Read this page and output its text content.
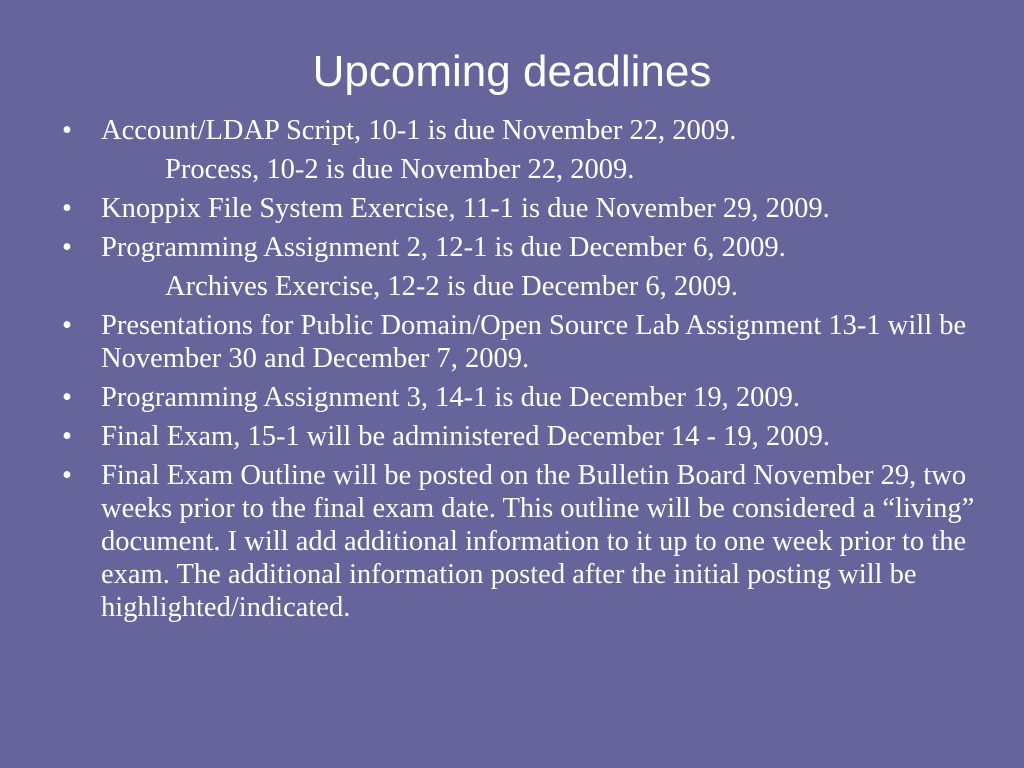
Upcoming deadlines
• Account/LDAP Script, 10-1 is due November 22, 2009.
Process, 10-2 is due November 22, 2009.
• Knoppix File System Exercise, 11-1 is due November 29, 2009.
• Programming Assignment 2, 12-1 is due December 6, 2009.
Archives Exercise, 12-2 is due December 6, 2009.
• Presentations for Public Domain/Open Source Lab Assignment 13-1 will be November 30 and December 7, 2009.
• Programming Assignment 3, 14-1 is due December 19, 2009.
• Final Exam, 15-1 will be administered December 14 - 19, 2009.
• Final Exam Outline will be posted on the Bulletin Board November 29, two weeks prior to the final exam date. This outline will be considered a “living” document. I will add additional information to it up to one week prior to the exam. The additional information posted after the initial posting will be highlighted/indicated.
